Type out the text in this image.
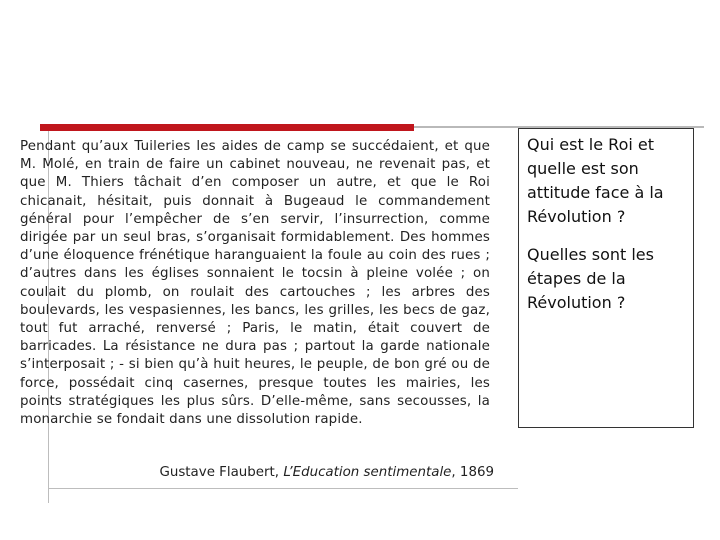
Pendant qu’aux Tuileries les aides de camp se succédaient, et que M. Molé, en train de faire un cabinet nouveau, ne revenait pas, et que M. Thiers tâchait d’en composer un autre, et que le Roi chicanait, hésitait, puis donnait à Bugeaud le commandement général pour l’empêcher de s’en servir, l’insurrection, comme dirigée par un seul bras, s’organisait formidablement. Des hommes d’une éloquence frénétique haranguaient la foule au coin des rues ; d’autres dans les églises sonnaient le tocsin à pleine volée ; on coulait du plomb, on roulait des cartouches ; les arbres des boulevards, les vespasiennes, les bancs, les grilles, les becs de gaz, tout fut arraché, renversé ; Paris, le matin, était couvert de barricades. La résistance ne dura pas ; partout la garde nationale s’interposait ; - si bien qu’à huit heures, le peuple, de bon gré ou de force, possédait cinq casernes, presque toutes les mairies, les points stratégiques les plus sûrs. D’elle-même, sans secousses, la monarchie se fondait dans une dissolution rapide.
Gustave Flaubert, L’Education sentimentale, 1869

Qui est le Roi et quelle est son attitude face à la Révolution ?

Quelles sont les étapes de la Révolution ?
